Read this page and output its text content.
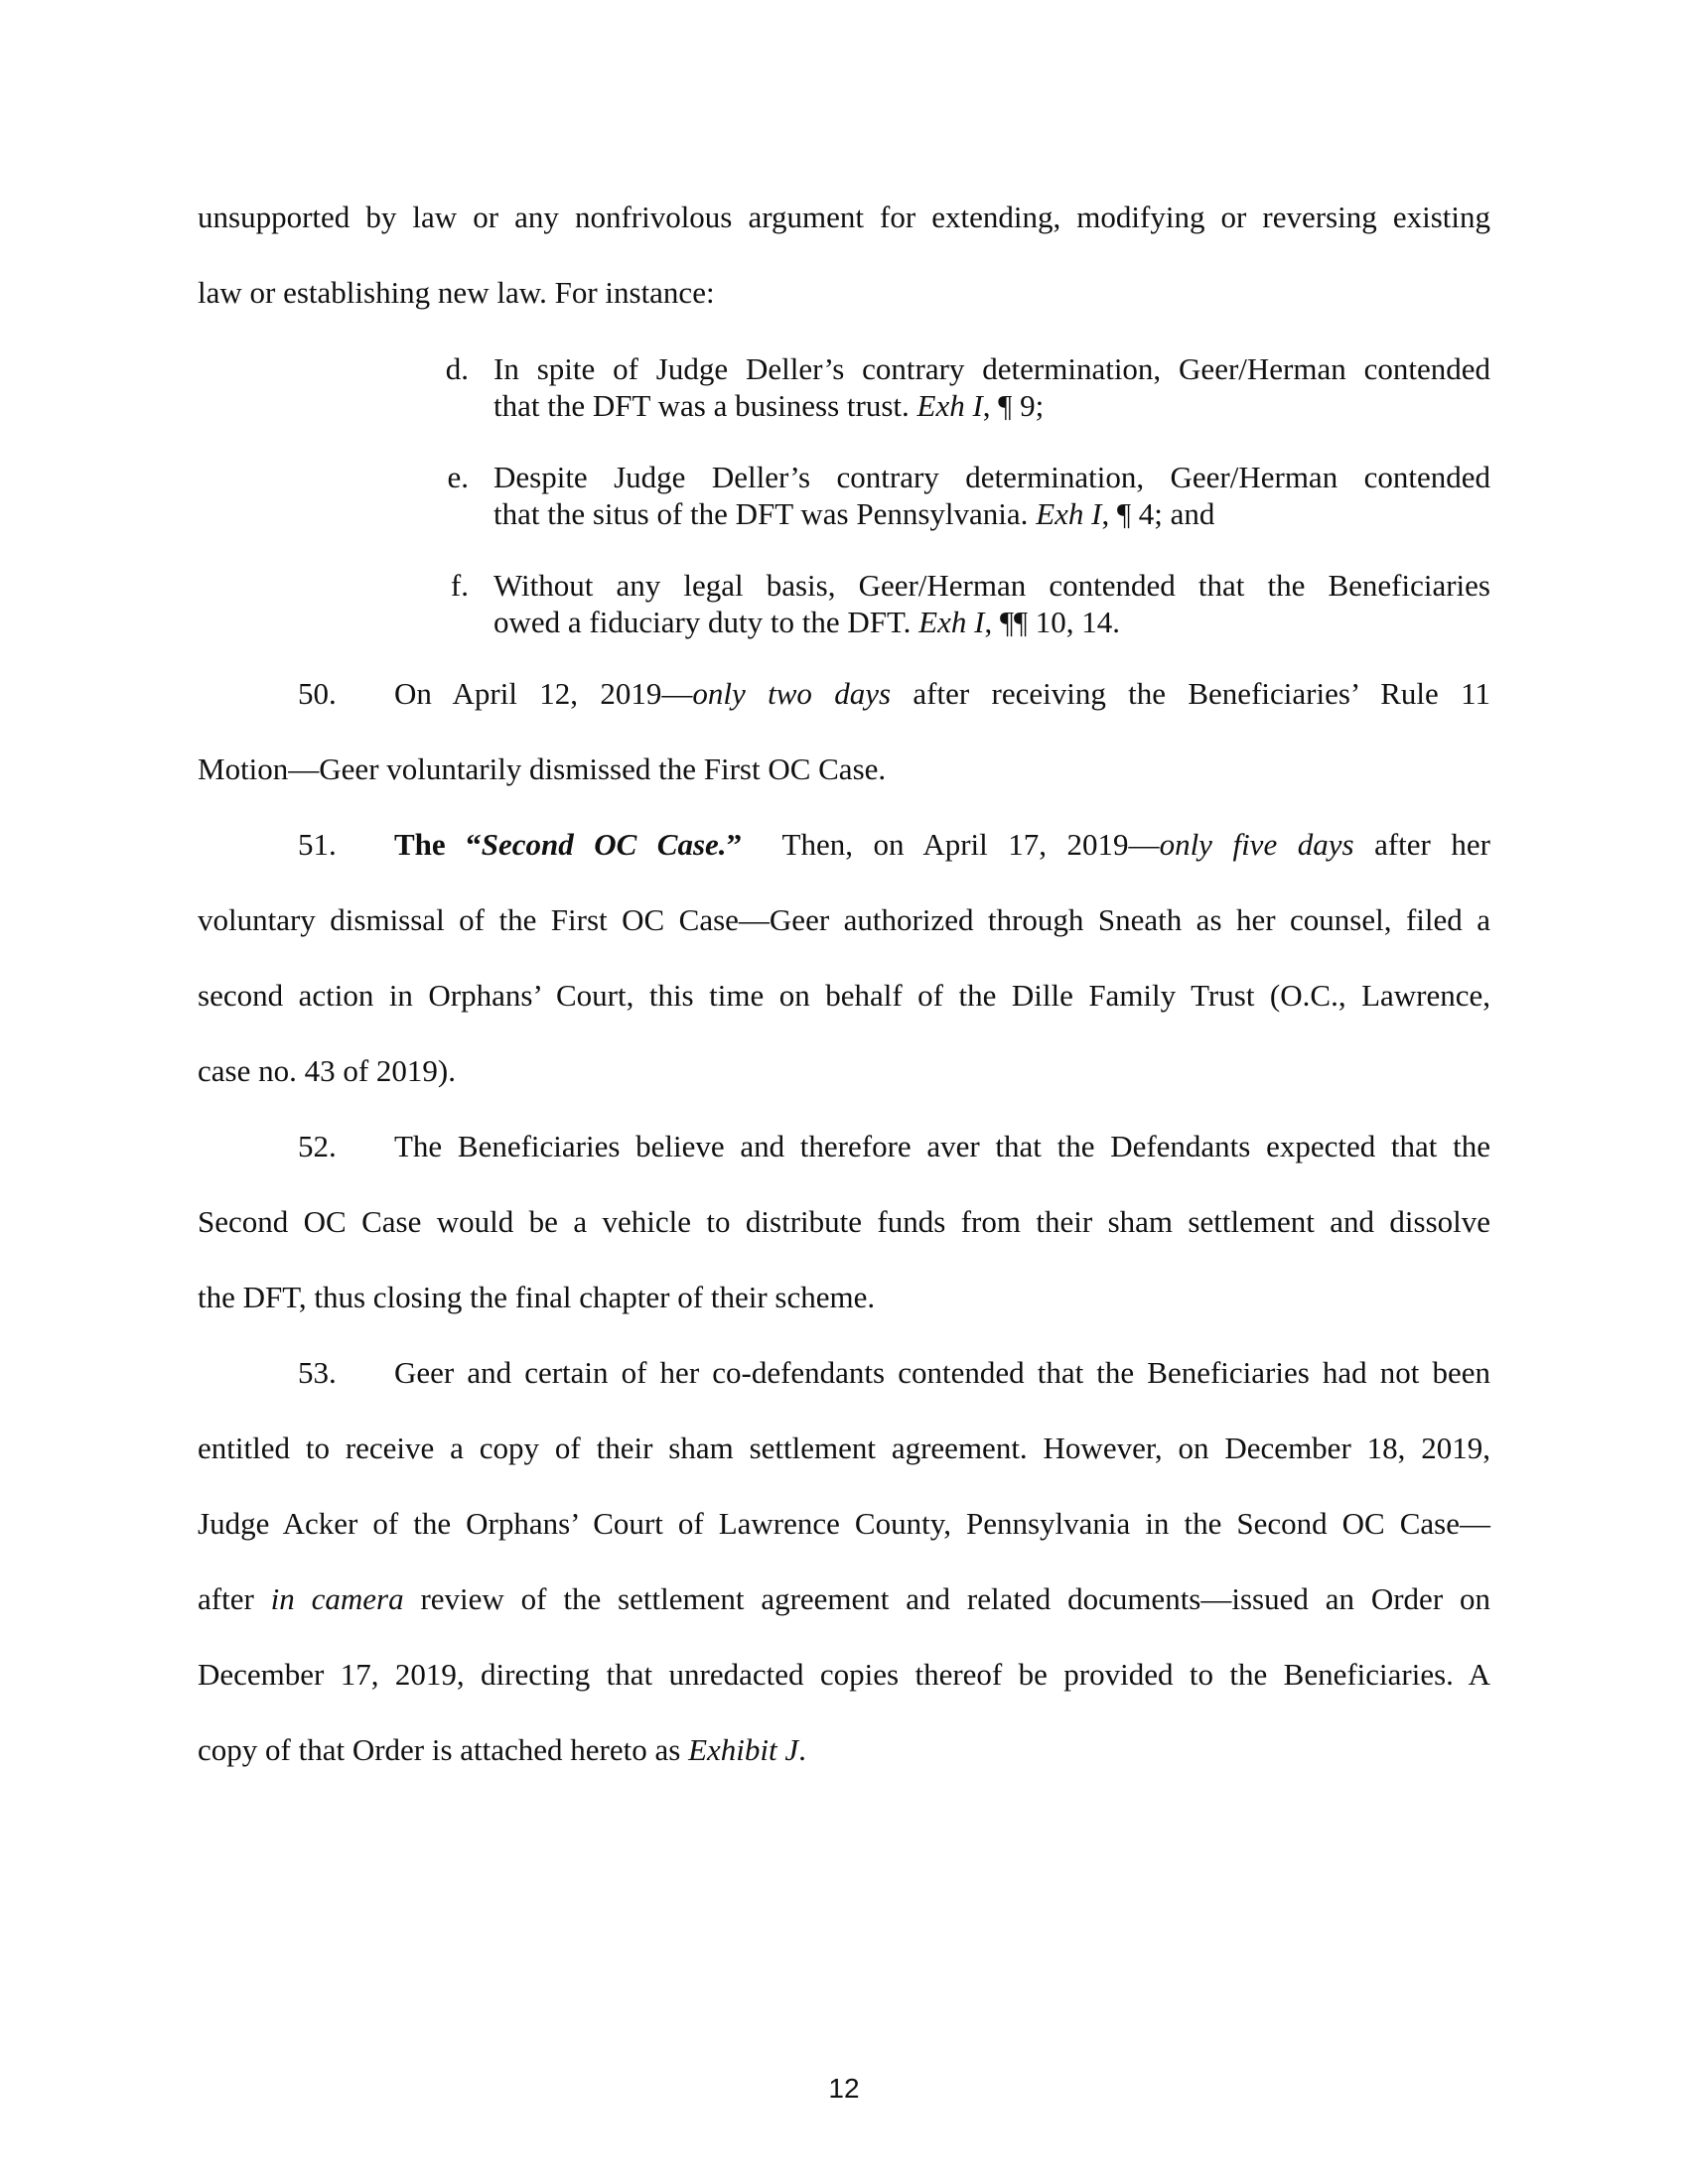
unsupported by law or any nonfrivolous argument for extending, modifying or reversing existing
law or establishing new law. For instance:
d. In spite of Judge Deller’s contrary determination, Geer/Herman contended
that the DFT was a business trust. Exh I, ¶ 9;
e. Despite Judge Deller’s contrary determination, Geer/Herman contended
that the situs of the DFT was Pennsylvania. Exh I, ¶ 4; and
f. Without any legal basis, Geer/Herman contended that the Beneficiaries
owed a fiduciary duty to the DFT. Exh I, ¶¶ 10, 14.
50. On April 12, 2019—only two days after receiving the Beneficiaries’ Rule 11
Motion—Geer voluntarily dismissed the First OC Case.
51. The “Second OC Case.”  Then, on April 17, 2019—only five days after her
voluntary dismissal of the First OC Case—Geer authorized through Sneath as her counsel, filed a
second action in Orphans’ Court, this time on behalf of the Dille Family Trust (O.C., Lawrence,
case no. 43 of 2019).
52. The Beneficiaries believe and therefore aver that the Defendants expected that the
Second OC Case would be a vehicle to distribute funds from their sham settlement and dissolve
the DFT, thus closing the final chapter of their scheme.
53. Geer and certain of her co-defendants contended that the Beneficiaries had not been
entitled to receive a copy of their sham settlement agreement. However, on December 18, 2019,
Judge Acker of the Orphans’ Court of Lawrence County, Pennsylvania in the Second OC Case—
after in camera review of the settlement agreement and related documents—issued an Order on
December 17, 2019, directing that unredacted copies thereof be provided to the Beneficiaries. A
copy of that Order is attached hereto as Exhibit J.
12
